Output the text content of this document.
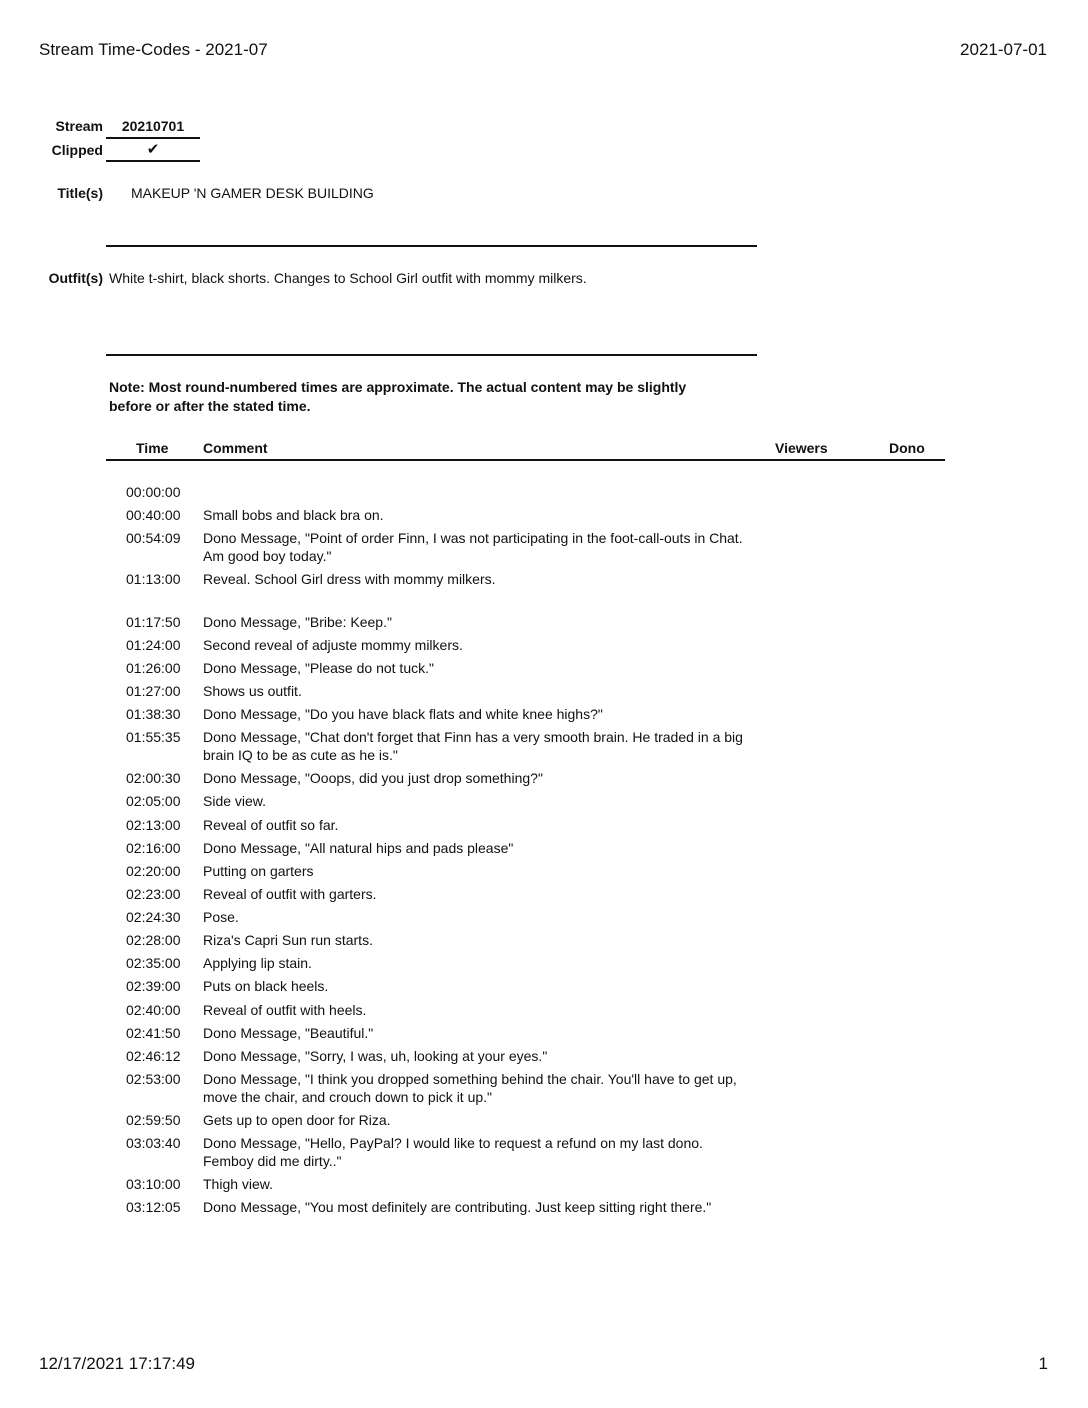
Stream Time-Codes - 2021-07	2021-07-01
Stream	20210701
Clipped	✔
Title(s) MAKEUP 'N GAMER DESK BUILDING
Outfit(s) White t-shirt, black shorts. Changes to School Girl outfit with mommy milkers.
Note: Most round-numbered times are approximate. The actual content may be slightly before or after the stated time.
Time Comment	Viewers	Dono
00:00:00
00:40:00	Small bobs and black bra on.
00:54:09	Dono Message, "Point of order Finn, I was not participating in the foot-call-outs in Chat. Am good boy today."
01:13:00	Reveal. School Girl dress with mommy milkers.
01:17:50	Dono Message, "Bribe: Keep."
01:24:00	Second reveal of adjuste mommy milkers.
01:26:00	Dono Message, "Please do not tuck."
01:27:00	Shows us outfit.
01:38:30	Dono Message, "Do you have black flats and white knee highs?"
01:55:35	Dono Message, "Chat don't forget that Finn has a very smooth brain. He traded in a big brain IQ to be as cute as he is."
02:00:30	Dono Message, "Ooops, did you just drop something?"
02:05:00	Side view.
02:13:00	Reveal of outfit so far.
02:16:00	Dono Message, "All natural hips and pads please"
02:20:00	Putting on garters
02:23:00	Reveal of outfit with garters.
02:24:30	Pose.
02:28:00	Riza's Capri Sun run starts.
02:35:00	Applying lip stain.
02:39:00	Puts on black heels.
02:40:00	Reveal of outfit with heels.
02:41:50	Dono Message, "Beautiful."
02:46:12	Dono Message, "Sorry, I was, uh, looking at your eyes."
02:53:00	Dono Message, "I think you dropped something behind the chair. You'll have to get up, move the chair, and crouch down to pick it up."
02:59:50	Gets up to open door for Riza.
03:03:40	Dono Message, "Hello, PayPal? I would like to request a refund on my last dono. Femboy did me dirty.."
03:10:00	Thigh view.
03:12:05	Dono Message, "You most definitely are contributing. Just keep sitting right there."
12/17/2021 17:17:49	1
